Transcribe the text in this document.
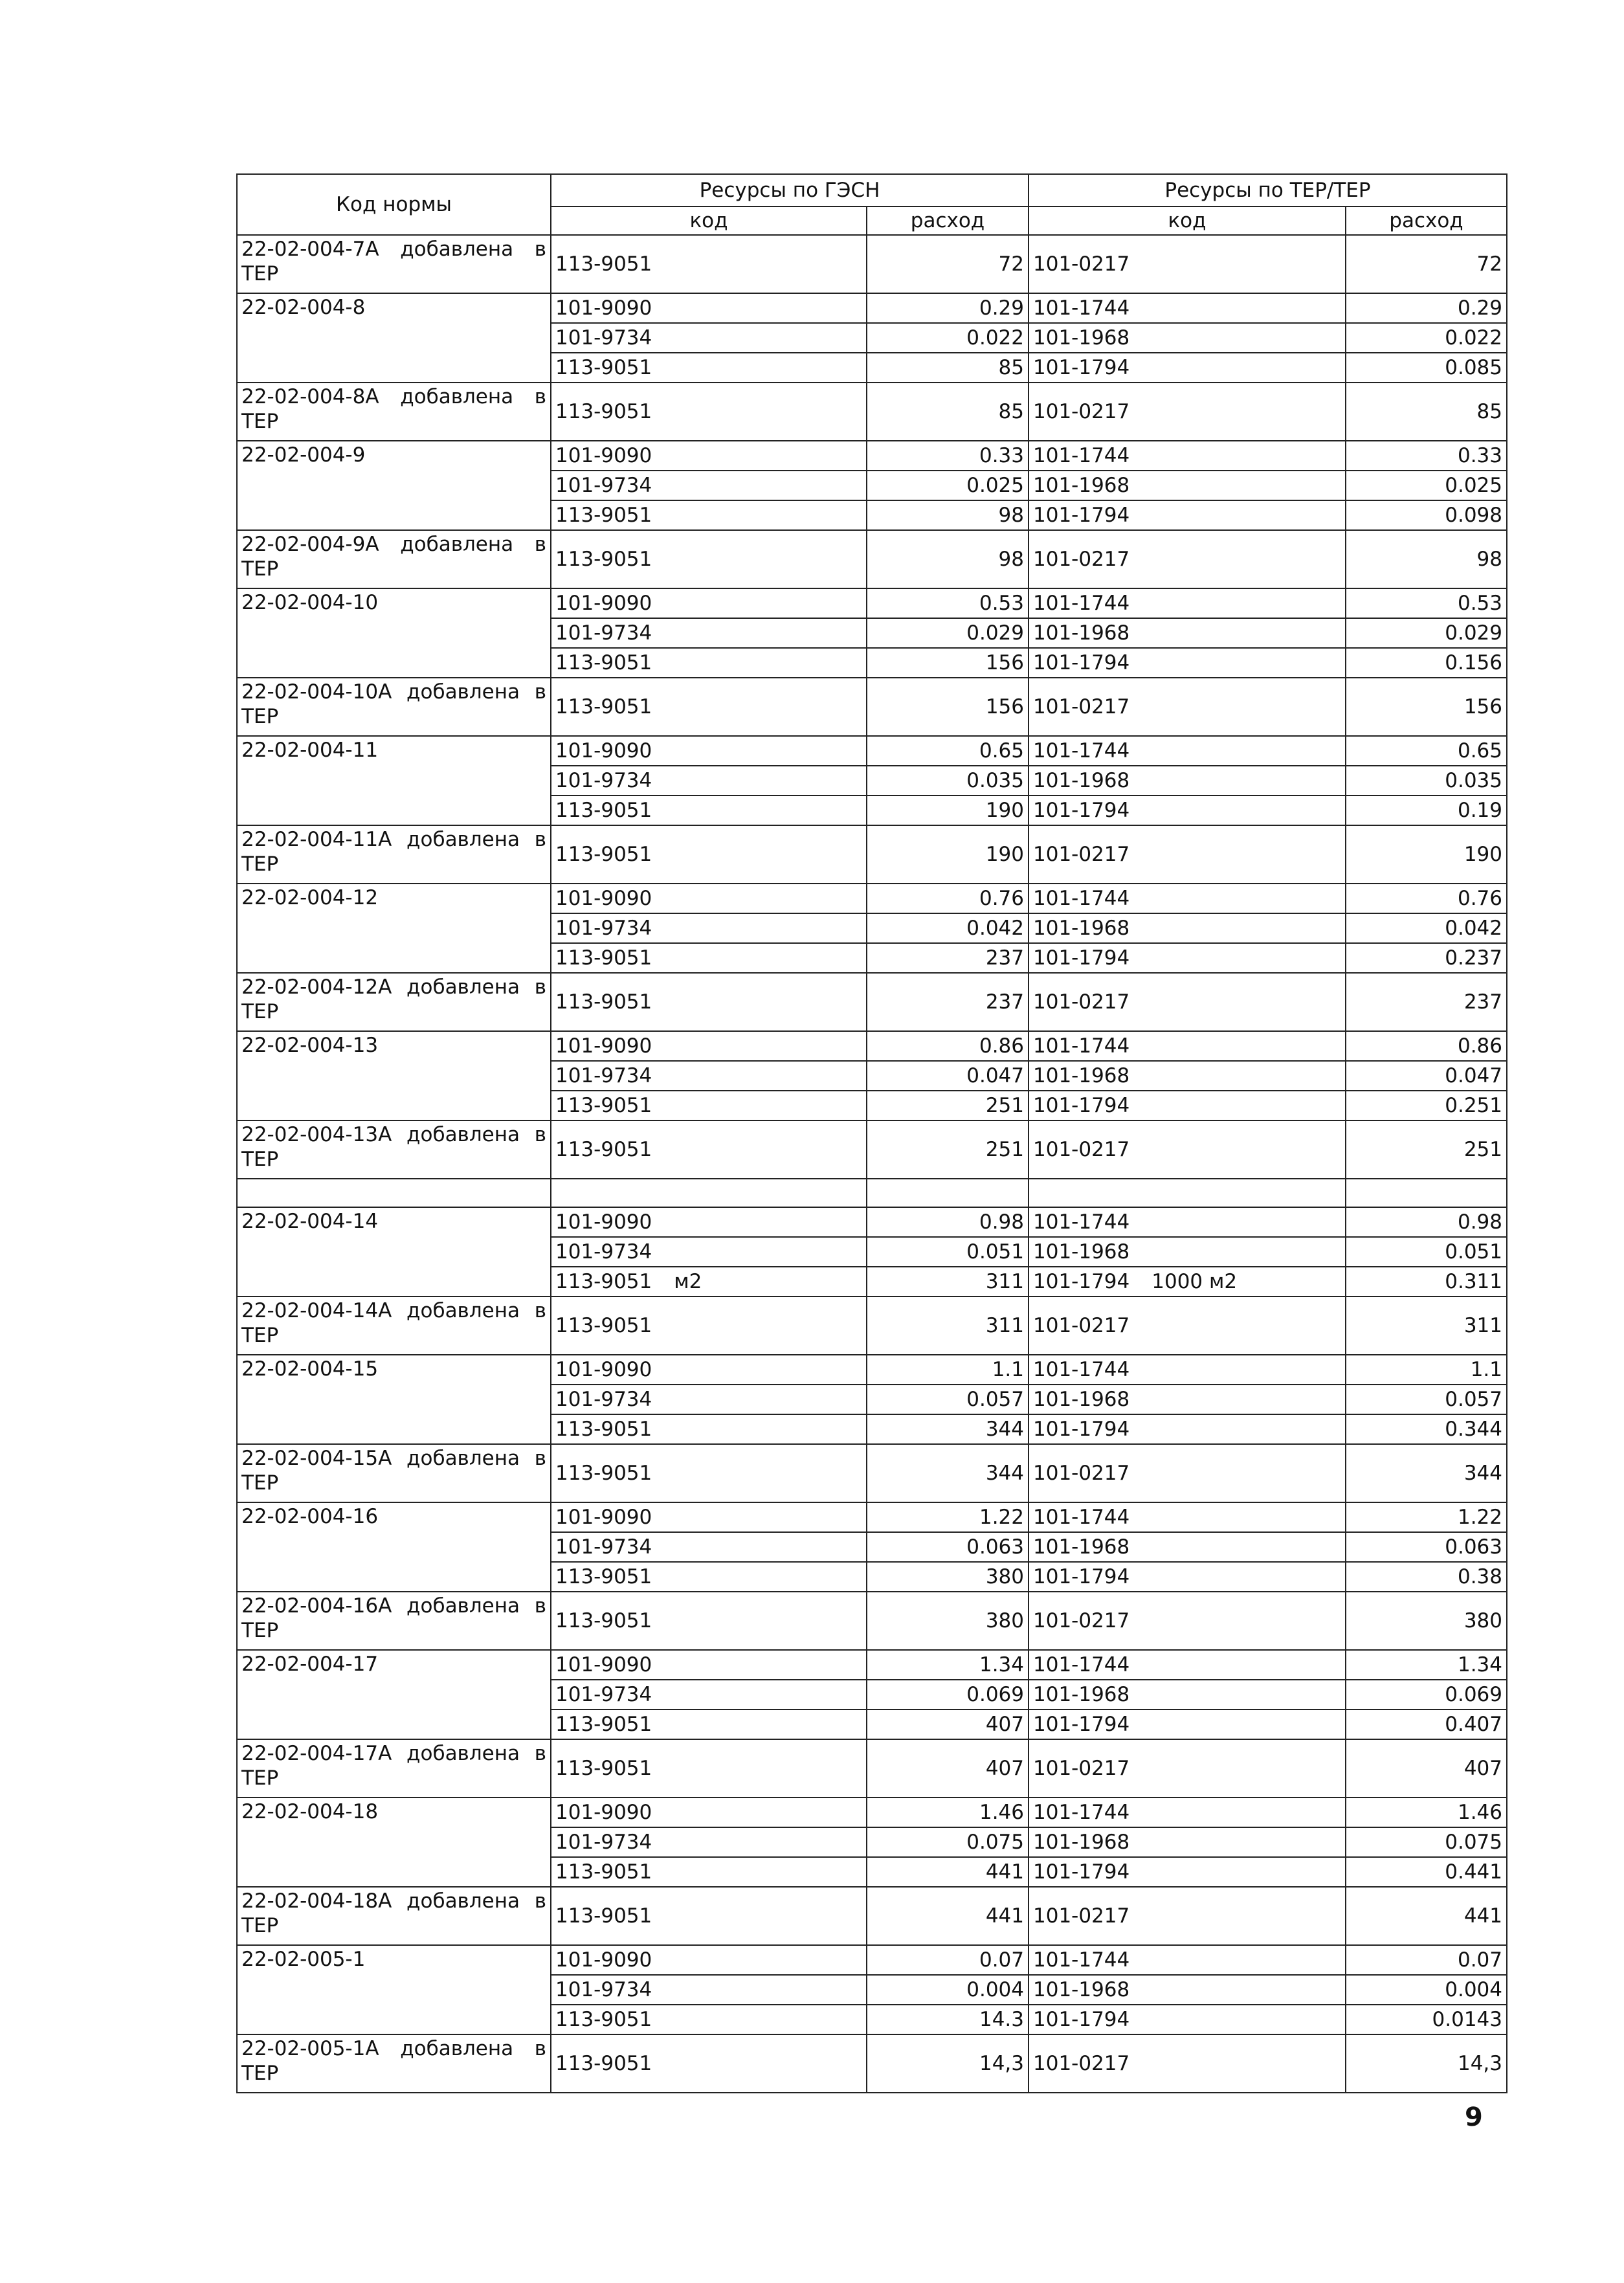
Код нормы	Ресурсы по ГЭСН		Ресурсы по ТЕР/ТЕР	
	код	расход	код	расход

22-02-004-7А добавлена в ТЕР	113-9051	72	101-0217	72
22-02-004-8	101-9090	0.29	101-1744	0.29
	101-9734	0.022	101-1968	0.022
	113-9051	85	101-1794	0.085

22-02-004-8А добавлена в ТЕР	113-9051	85	101-0217	85
22-02-004-9	101-9090	0.33	101-1744	0.33
	101-9734	0.025	101-1968	0.025
	113-9051	98	101-1794	0.098

22-02-004-9А добавлена в ТЕР	113-9051	98	101-0217	98
22-02-004-10	101-9090	0.53	101-1744	0.53
	101-9734	0.029	101-1968	0.029
	113-9051	156	101-1794	0.156

22-02-004-10А добавлена в ТЕР	113-9051	156	101-0217	156
22-02-004-11	101-9090	0.65	101-1744	0.65
	101-9734	0.035	101-1968	0.035
	113-9051	190	101-1794	0.19

22-02-004-11А добавлена в ТЕР	113-9051	190	101-0217	190
22-02-004-12	101-9090	0.76	101-1744	0.76
	101-9734	0.042	101-1968	0.042
	113-9051	237	101-1794	0.237

22-02-004-12А добавлена в ТЕР	113-9051	237	101-0217	237
22-02-004-13	101-9090	0.86	101-1744	0.86
	101-9734	0.047	101-1968	0.047
	113-9051	251	101-1794	0.251

22-02-004-13А добавлена в ТЕР	113-9051	251	101-0217	251

22-02-004-14	101-9090	0.98	101-1744	0.98
	101-9734	0.051	101-1968	0.051
	113-9051 м2	311	101-1794 1000 м2	0.311

22-02-004-14А добавлена в ТЕР	113-9051	311	101-0217	311
22-02-004-15	101-9090	1.1	101-1744	1.1
	101-9734	0.057	101-1968	0.057
	113-9051	344	101-1794	0.344

22-02-004-15А добавлена в ТЕР	113-9051	344	101-0217	344
22-02-004-16	101-9090	1.22	101-1744	1.22
	101-9734	0.063	101-1968	0.063
	113-9051	380	101-1794	0.38

22-02-004-16А добавлена в ТЕР	113-9051	380	101-0217	380
22-02-004-17	101-9090	1.34	101-1744	1.34
	101-9734	0.069	101-1968	0.069
	113-9051	407	101-1794	0.407

22-02-004-17А добавлена в ТЕР	113-9051	407	101-0217	407
22-02-004-18	101-9090	1.46	101-1744	1.46
	101-9734	0.075	101-1968	0.075
	113-9051	441	101-1794	0.441

22-02-004-18А добавлена в ТЕР	113-9051	441	101-0217	441
22-02-005-1	101-9090	0.07	101-1744	0.07
	101-9734	0.004	101-1968	0.004
	113-9051	14.3	101-1794	0.0143

22-02-005-1А добавлена в ТЕР	113-9051	14,3	101-0217	14,3
9
